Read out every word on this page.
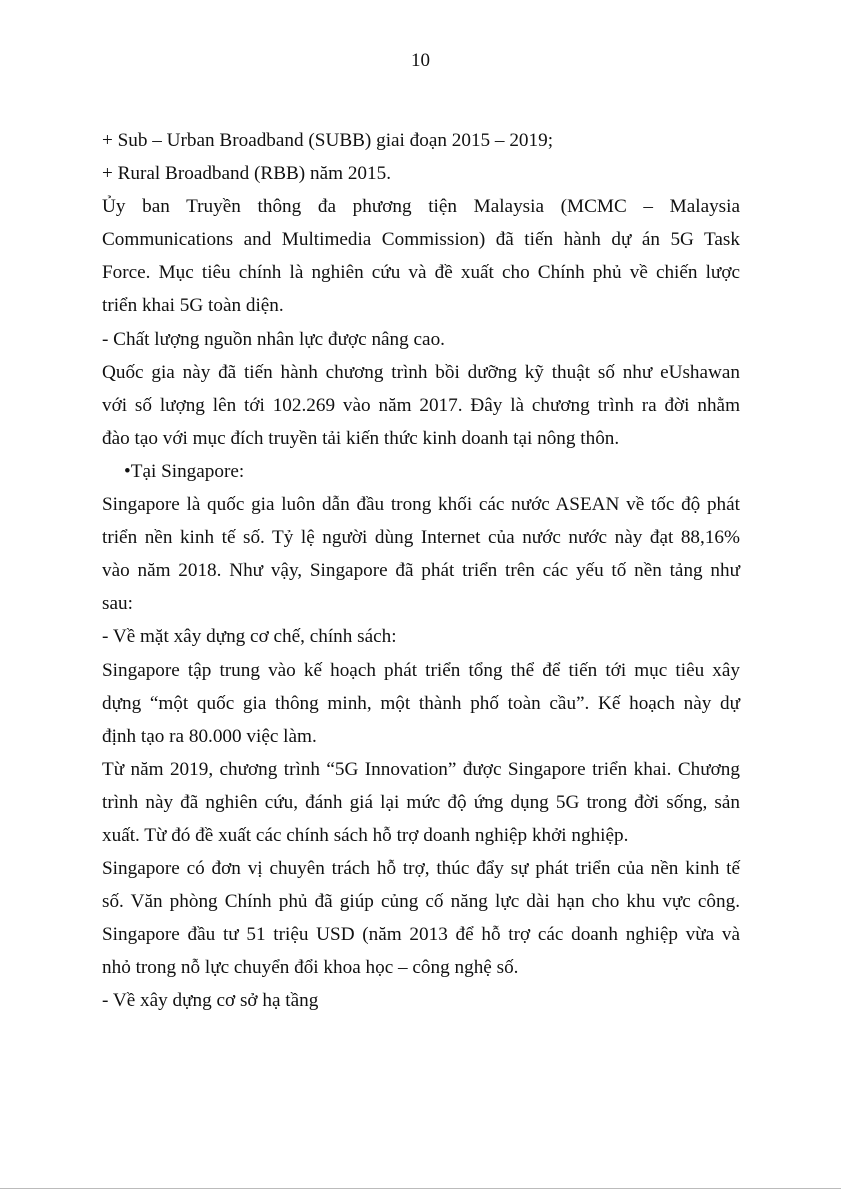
10
+ Sub – Urban Broadband (SUBB) giai đoạn 2015 – 2019;
+ Rural Broadband (RBB) năm 2015.
Ủy ban Truyền thông đa phương tiện Malaysia (MCMC – Malaysia
Communications and Multimedia Commission) đã tiến hành dự án 5G Task
Force. Mục tiêu chính là nghiên cứu và đề xuất cho Chính phủ về chiến lược
triển khai 5G toàn diện.
- Chất lượng nguồn nhân lực được nâng cao.
Quốc gia này đã tiến hành chương trình bồi dưỡng kỹ thuật số như eUshawan
với số lượng lên tới 102.269 vào năm 2017. Đây là chương trình ra đời nhằm
đào tạo với mục đích truyền tải kiến thức kinh doanh tại nông thôn.
•Tại Singapore:
Singapore là quốc gia luôn dẫn đầu trong khối các nước ASEAN về tốc độ phát
triển nền kinh tế số. Tỷ lệ người dùng Internet của nước nước này đạt 88,16%
vào năm 2018. Như vậy, Singapore đã phát triển trên các yếu tố nền tảng như
sau:
- Về mặt xây dựng cơ chế, chính sách:
Singapore tập trung vào kế hoạch phát triển tổng thể để tiến tới mục tiêu xây
dựng “một quốc gia thông minh, một thành phố toàn cầu”. Kế hoạch này dự
định tạo ra 80.000 việc làm.
Từ năm 2019, chương trình “5G Innovation” được Singapore triển khai. Chương
trình này đã nghiên cứu, đánh giá lại mức độ ứng dụng 5G trong đời sống, sản
xuất. Từ đó đề xuất các chính sách hỗ trợ doanh nghiệp khởi nghiệp.
Singapore có đơn vị chuyên trách hỗ trợ, thúc đẩy sự phát triển của nền kinh tế
số. Văn phòng Chính phủ đã giúp củng cố năng lực dài hạn cho khu vực công.
Singapore đầu tư 51 triệu USD (năm 2013 để hỗ trợ các doanh nghiệp vừa và
nhỏ trong nỗ lực chuyển đổi khoa học – công nghệ số.
- Về xây dựng cơ sở hạ tầng
